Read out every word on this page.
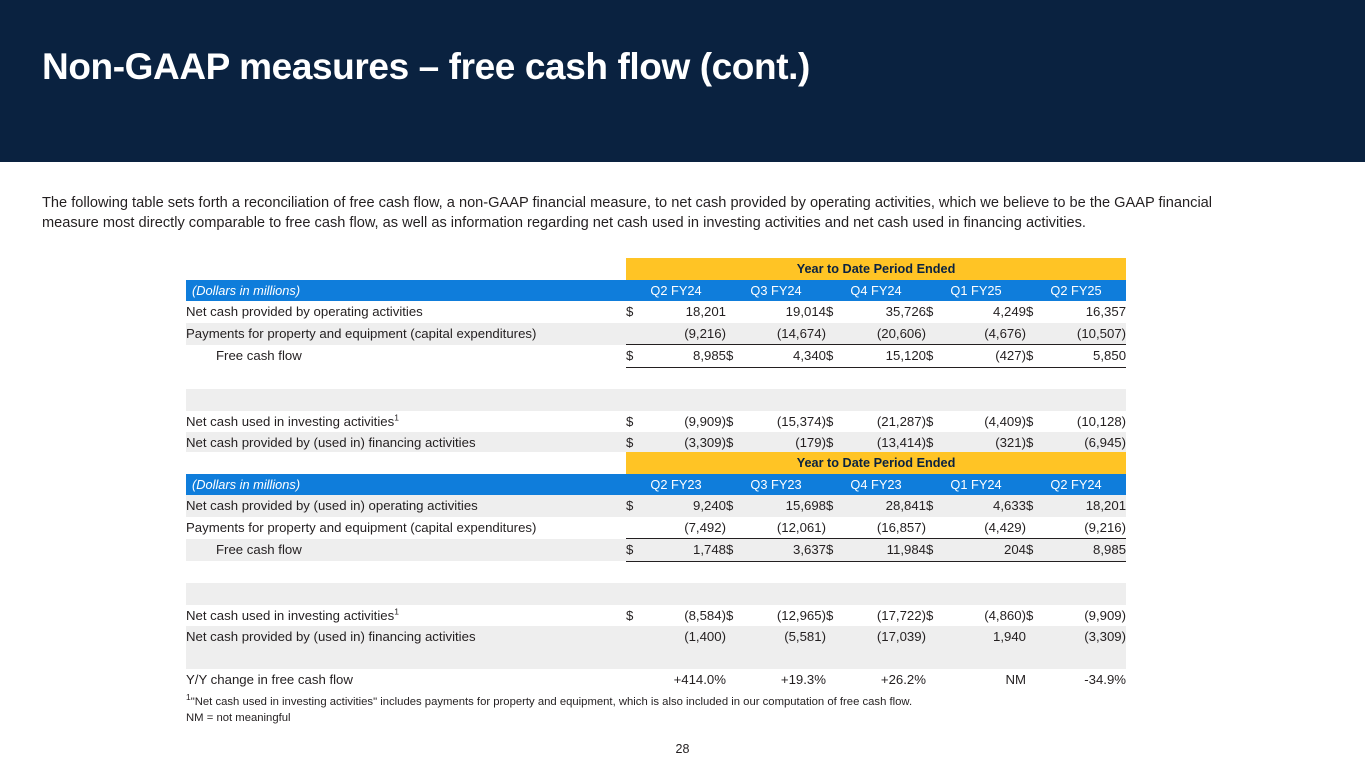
Non-GAAP measures – free cash flow (cont.)
The following table sets forth a reconciliation of free cash flow, a non-GAAP financial measure, to net cash provided by operating activities, which we believe to be the GAAP financial measure most directly comparable to free cash flow, as well as information regarding net cash used in investing activities and net cash used in financing activities.
	Year to Date Period Ended									
(Dollars in millions)	Q2 FY24		Q3 FY24		Q4 FY24		Q1 FY25		Q2 FY25	
Net cash provided by operating activities	$	18,201		19,014	$	35,726	$	4,249	$	16,357
Payments for property and equipment (capital expenditures)		(9,216)		(14,674)		(20,606)		(4,676)		(10,507)
Free cash flow	$	8,985	$	4,340	$	15,120	$	(427)	$	5,850

Net cash used in investing activities$^1$	$	(9,909)	$	(15,374)	$	(21,287)	$	(4,409)	$	(10,128)
Net cash provided by (used in) financing activities	$	(3,309)	$	(179)	$	(13,414)	$	(321)	$	(6,945)
	Year to Date Period Ended									
(Dollars in millions)	Q2 FY23		Q3 FY23		Q4 FY23		Q1 FY24		Q2 FY24	
Net cash provided by (used in) operating activities	$	9,240	$	15,698	$	28,841	$	4,633	$	18,201
Payments for property and equipment (capital expenditures)		(7,492)		(12,061)		(16,857)		(4,429)		(9,216)
Free cash flow	$	1,748	$	3,637	$	11,984	$	204	$	8,985

Net cash used in investing activities$^1$	$	(8,584)	$	(12,965)	$	(17,722)	$	(4,860)	$	(9,909)
Net cash provided by (used in) financing activities		(1,400)		(5,581)		(17,039)		1,940		(3,309)

Y/Y change in free cash flow		+414.0%		+19.3%		+26.2%		NM		-34.9%
$^1$"Net cash used in investing activities" includes payments for property and equipment, which is also included in our computation of free cash flow.
NM = not meaningful
28
